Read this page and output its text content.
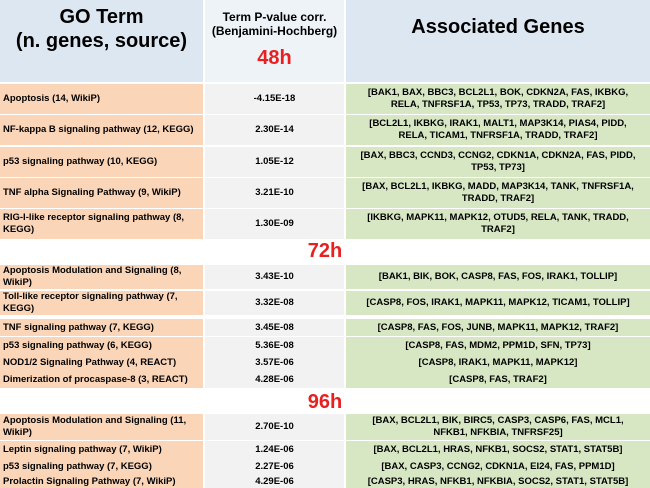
GO Term
(n. genes, source)
Term P-value corr.
(Benjamini-Hochberg)	Associated Genes
48h
Apoptosis (14, WikiP)	-4.15E-18
[BAK1, BAX, BBC3, BCL2L1, BOK, CDKN2A, FAS, IKBKG, RELA, TNFRSF1A, TP53, TP73, TRADD, TRAF2]
NF-kappa B signaling pathway (12, KEGG)	2.30E-14
[BCL2L1, IKBKG, IRAK1, MALT1, MAP3K14, PIAS4, PIDD, RELA, TICAM1, TNFRSF1A, TRADD, TRAF2]
p53 signaling pathway (10, KEGG)	1.05E-12
[BAX, BBC3, CCND3, CCNG2, CDKN1A, CDKN2A, FAS, PIDD, TP53, TP73]
TNF alpha Signaling Pathway (9, WikiP)	3.21E-10
[BAX, BCL2L1, IKBKG, MADD, MAP3K14, TANK, TNFRSF1A, TRADD, TRAF2]
RIG-I-like receptor signaling pathway (8, KEGG)
1.30E-09
[IKBKG, MAPK11, MAPK12, OTUD5, RELA, TANK, TRADD, TRAF2]
72h
Apoptosis Modulation and Signaling (8, WikiP)
3.43E-10	[BAK1, BIK, BOK, CASP8, FAS, FOS, IRAK1, TOLLIP]
Toll-like receptor signaling pathway (7, KEGG)
3.32E-08	[CASP8, FOS, IRAK1, MAPK11, MAPK12, TICAM1, TOLLIP]
TNF signaling pathway (7, KEGG)	3.45E-08	[CASP8, FAS, FOS, JUNB, MAPK11, MAPK12, TRAF2]
p53 signaling pathway (6, KEGG)	5.36E-08	[CASP8, FAS, MDM2, PPM1D, SFN, TP73]
NOD1/2 Signaling Pathway (4, REACT)	3.57E-06	[CASP8, IRAK1, MAPK11, MAPK12]
Dimerization of procaspase-8 (3, REACT)	4.28E-06	[CASP8, FAS, TRAF2]
96h
Apoptosis Modulation and Signaling (11, WikiP)
2.70E-10
[BAX, BCL2L1, BIK, BIRC5, CASP3, CASP6, FAS, MCL1, NFKB1, NFKBIA, TNFRSF25]
Leptin signaling pathway (7, WikiP)	1.24E-06	[BAX, BCL2L1, HRAS, NFKB1, SOCS2, STAT1, STAT5B]
p53 signaling pathway (7, KEGG)	2.27E-06	[BAX, CASP3, CCNG2, CDKN1A, EI24, FAS, PPM1D]
Prolactin Signaling Pathway (7, WikiP)	4.29E-06	[CASP3, HRAS, NFKB1, NFKBIA, SOCS2, STAT1, STAT5B]
